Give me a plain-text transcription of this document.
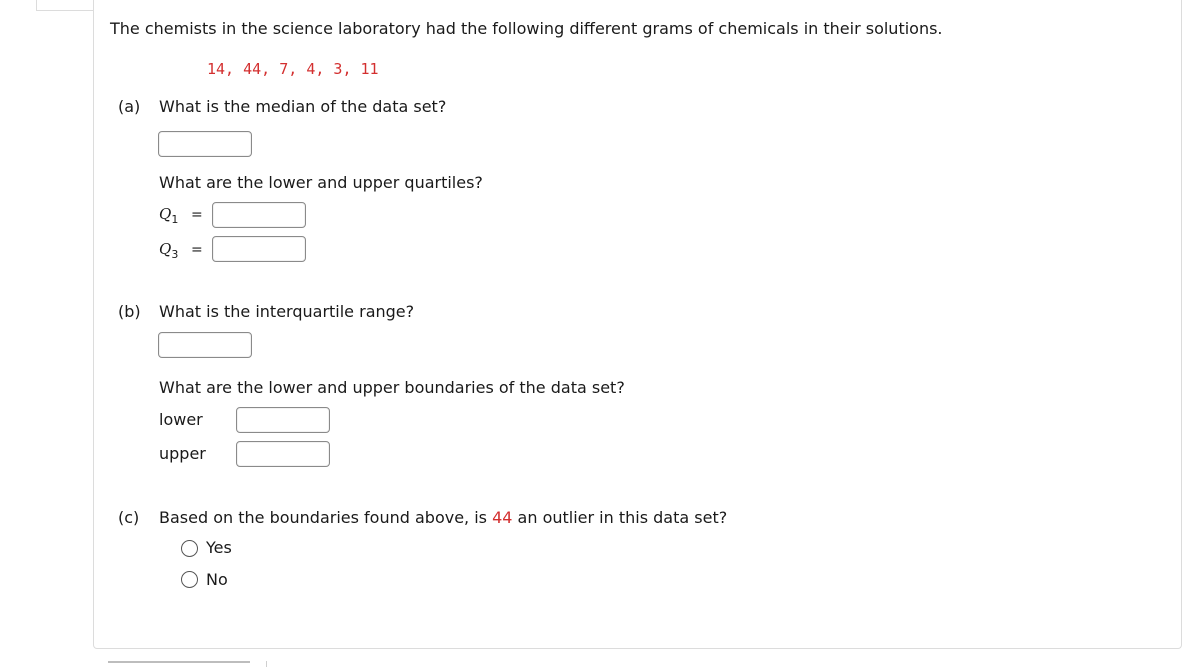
The chemists in the science laboratory had the following different grams of chemicals in their solutions.
14, 44, 7, 4, 3, 11
(a) What is the median of the data set?
What are the lower and upper quartiles?
$Q_1$ =
$Q_3$ =
(b) What is the interquartile range?
What are the lower and upper boundaries of the data set?
lower
upper
(c) Based on the boundaries found above, is 44 an outlier in this data set?
Yes
No
